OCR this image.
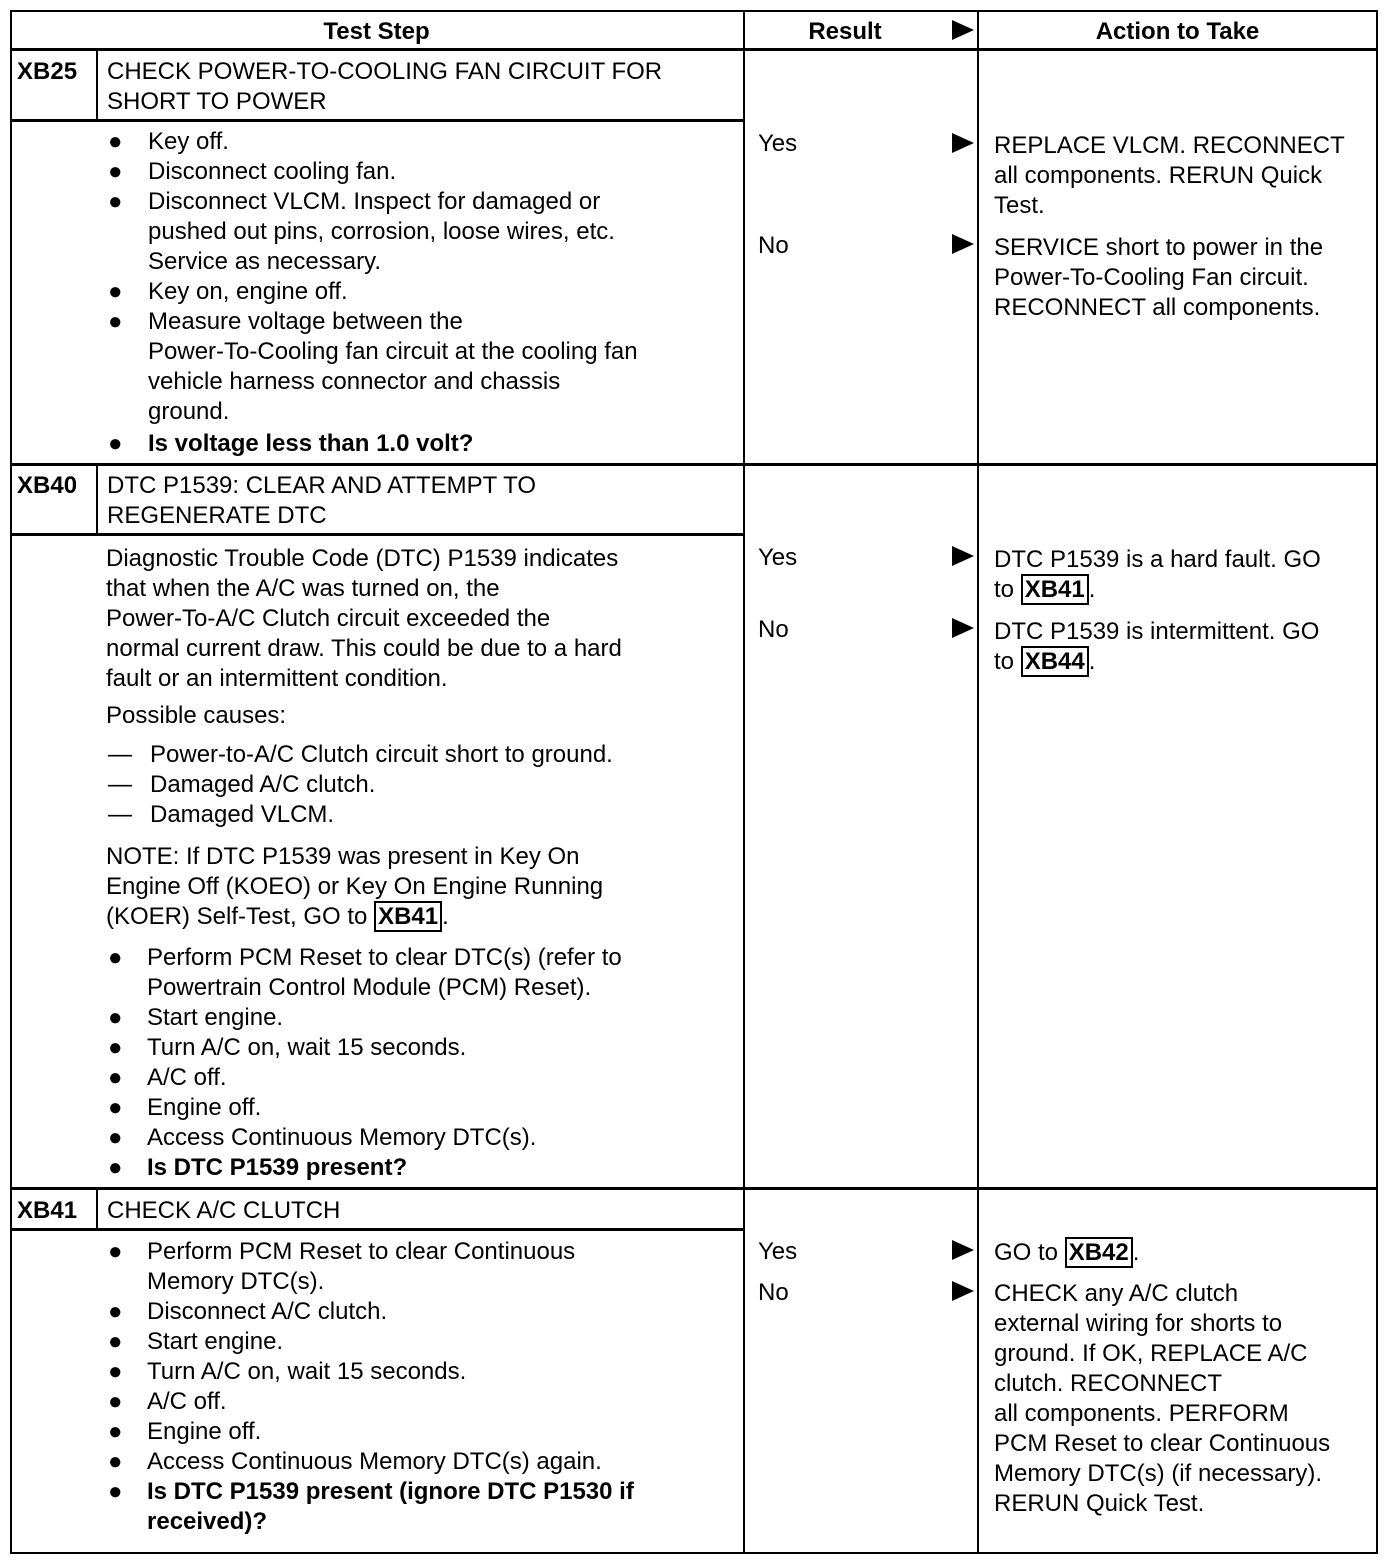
Test Step	Result	Action to Take
XB25 CHECK POWER-TO-COOLING FAN CIRCUIT FOR
SHORT TO POWER
● Key off.
● Disconnect cooling fan.
● Disconnect VLCM. Inspect for damaged or
pushed out pins, corrosion, loose wires, etc.
Service as necessary.
● Key on, engine off.
● Measure voltage between the
Power-To-Cooling fan circuit at the cooling fan
vehicle harness connector and chassis
ground.
● Is voltage less than 1.0 volt?
Yes
No
REPLACE VLCM. RECONNECT
all components. RERUN Quick
Test.
SERVICE short to power in the
Power-To-Cooling Fan circuit.
RECONNECT all components.
XB40 DTC P1539: CLEAR AND ATTEMPT TO
REGENERATE DTC
Diagnostic Trouble Code (DTC) P1539 indicates
that when the A/C was turned on, the
Power-To-A/C Clutch circuit exceeded the
normal current draw. This could be due to a hard
fault or an intermittent condition.
Possible causes:
— Power-to-A/C Clutch circuit short to ground.
— Damaged A/C clutch.
— Damaged VLCM.
NOTE: If DTC P1539 was present in Key On
Engine Off (KOEO) or Key On Engine Running
(KOER) Self-Test, GO to XB41 .
● Perform PCM Reset to clear DTC(s) (refer to
Powertrain Control Module (PCM) Reset).
● Start engine.
● Turn A/C on, wait 15 seconds.
● A/C off.
● Engine off.
● Access Continuous Memory DTC(s).
● Is DTC P1539 present?
Yes
No
DTC P1539 is a hard fault. GO
to XB41 .
DTC P1539 is intermittent. GO
to XB44 .
XB41 CHECK A/C CLUTCH
● Perform PCM Reset to clear Continuous
Memory DTC(s).
● Disconnect A/C clutch.
● Start engine.
● Turn A/C on, wait 15 seconds.
● A/C off.
● Engine off.
● Access Continuous Memory DTC(s) again.
● Is DTC P1539 present (ignore DTC P1530 if
received)?
Yes
No
GO to XB42 .
CHECK any A/C clutch
external wiring for shorts to
ground. If OK, REPLACE A/C
clutch. RECONNECT
all components. PERFORM
PCM Reset to clear Continuous
Memory DTC(s) (if necessary).
RERUN Quick Test.
